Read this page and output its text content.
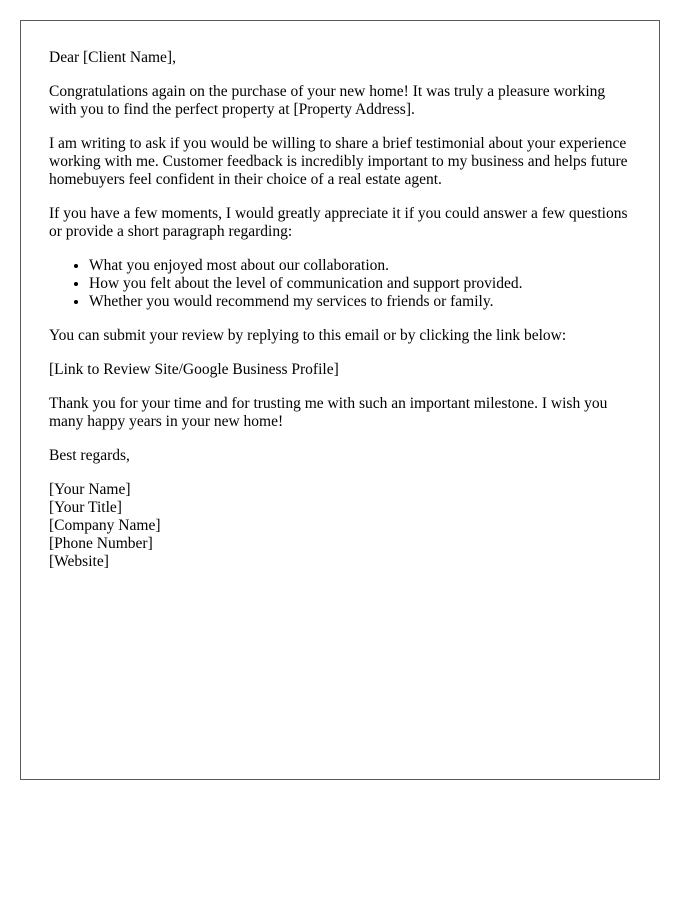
Dear [Client Name],

Congratulations again on the purchase of your new home! It was truly a pleasure working with you to find the perfect property at [Property Address].

I am writing to ask if you would be willing to share a brief testimonial about your experience working with me. Customer feedback is incredibly important to my business and helps future homebuyers feel confident in their choice of a real estate agent.

If you have a few moments, I would greatly appreciate it if you could answer a few questions or provide a short paragraph regarding:

• What you enjoyed most about our collaboration.
• How you felt about the level of communication and support provided.
• Whether you would recommend my services to friends or family.

You can submit your review by replying to this email or by clicking the link below:

[Link to Review Site/Google Business Profile]

Thank you for your time and for trusting me with such an important milestone. I wish you many happy years in your new home!

Best regards,

[Your Name]
[Your Title]
[Company Name]
[Phone Number]
[Website]
